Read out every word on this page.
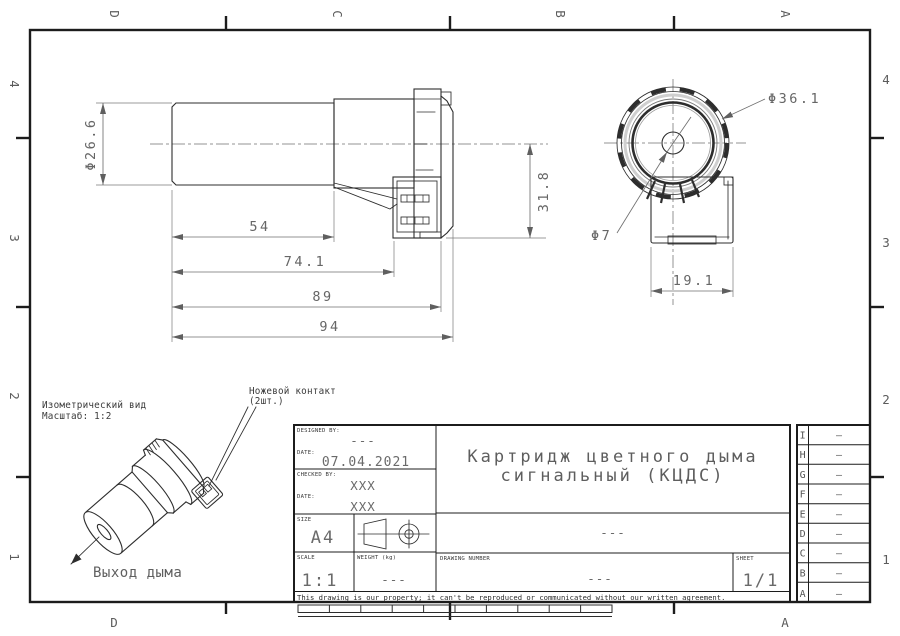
D	C	B	A
D	A
4
3
2
1
4
3
2
1
Φ26.6
54
74.1
89
94
31.8
Φ36.1
Φ7
19.1
Изометрический вид
Масштаб: 1:2
Ножевой контакт
(2шт.)
Выход дыма
DESIGNED BY:
---
DATE:
07.04.2021
CHECKED BY:
XXX
DATE:
XXX
SIZE
A4
SCALE
1:1
WEIGHT (kg)
---
Картридж цветного дыма
сигнальный (КЦДС)
---
DRAWING NUMBER
---
SHEET
1/1
This drawing is our property; it can't be reproduced or communicated without our written agreement.
I	–
H	–
G	–
F	–
E	–
D	–
C	–
B	–
A	–
